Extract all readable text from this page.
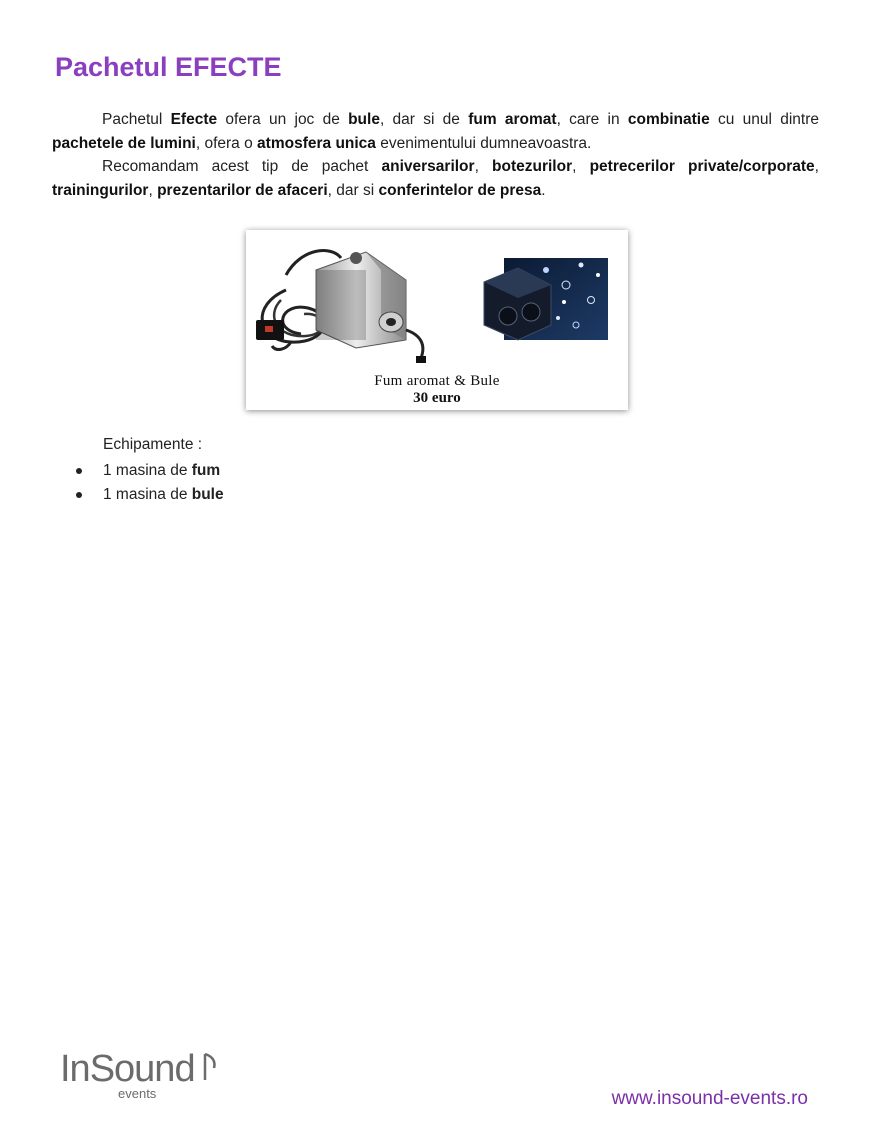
Pachetul EFECTE

Pachetul Efecte ofera un joc de bule, dar si de fum aromat, care in combinatie cu unul dintre pachetele de lumini, ofera o atmosfera unica evenimentului dumneavoastra.

Recomandam acest tip de pachet aniversarilor, botezurilor, petrecerilor private/corporate, trainingurilor, prezentarilor de afaceri, dar si conferintelor de presa.

Fum aromat & Bule
30 euro

Echipamente :

1 masina de fum
1 masina de bule
InSound
events	www.insound-events.ro
